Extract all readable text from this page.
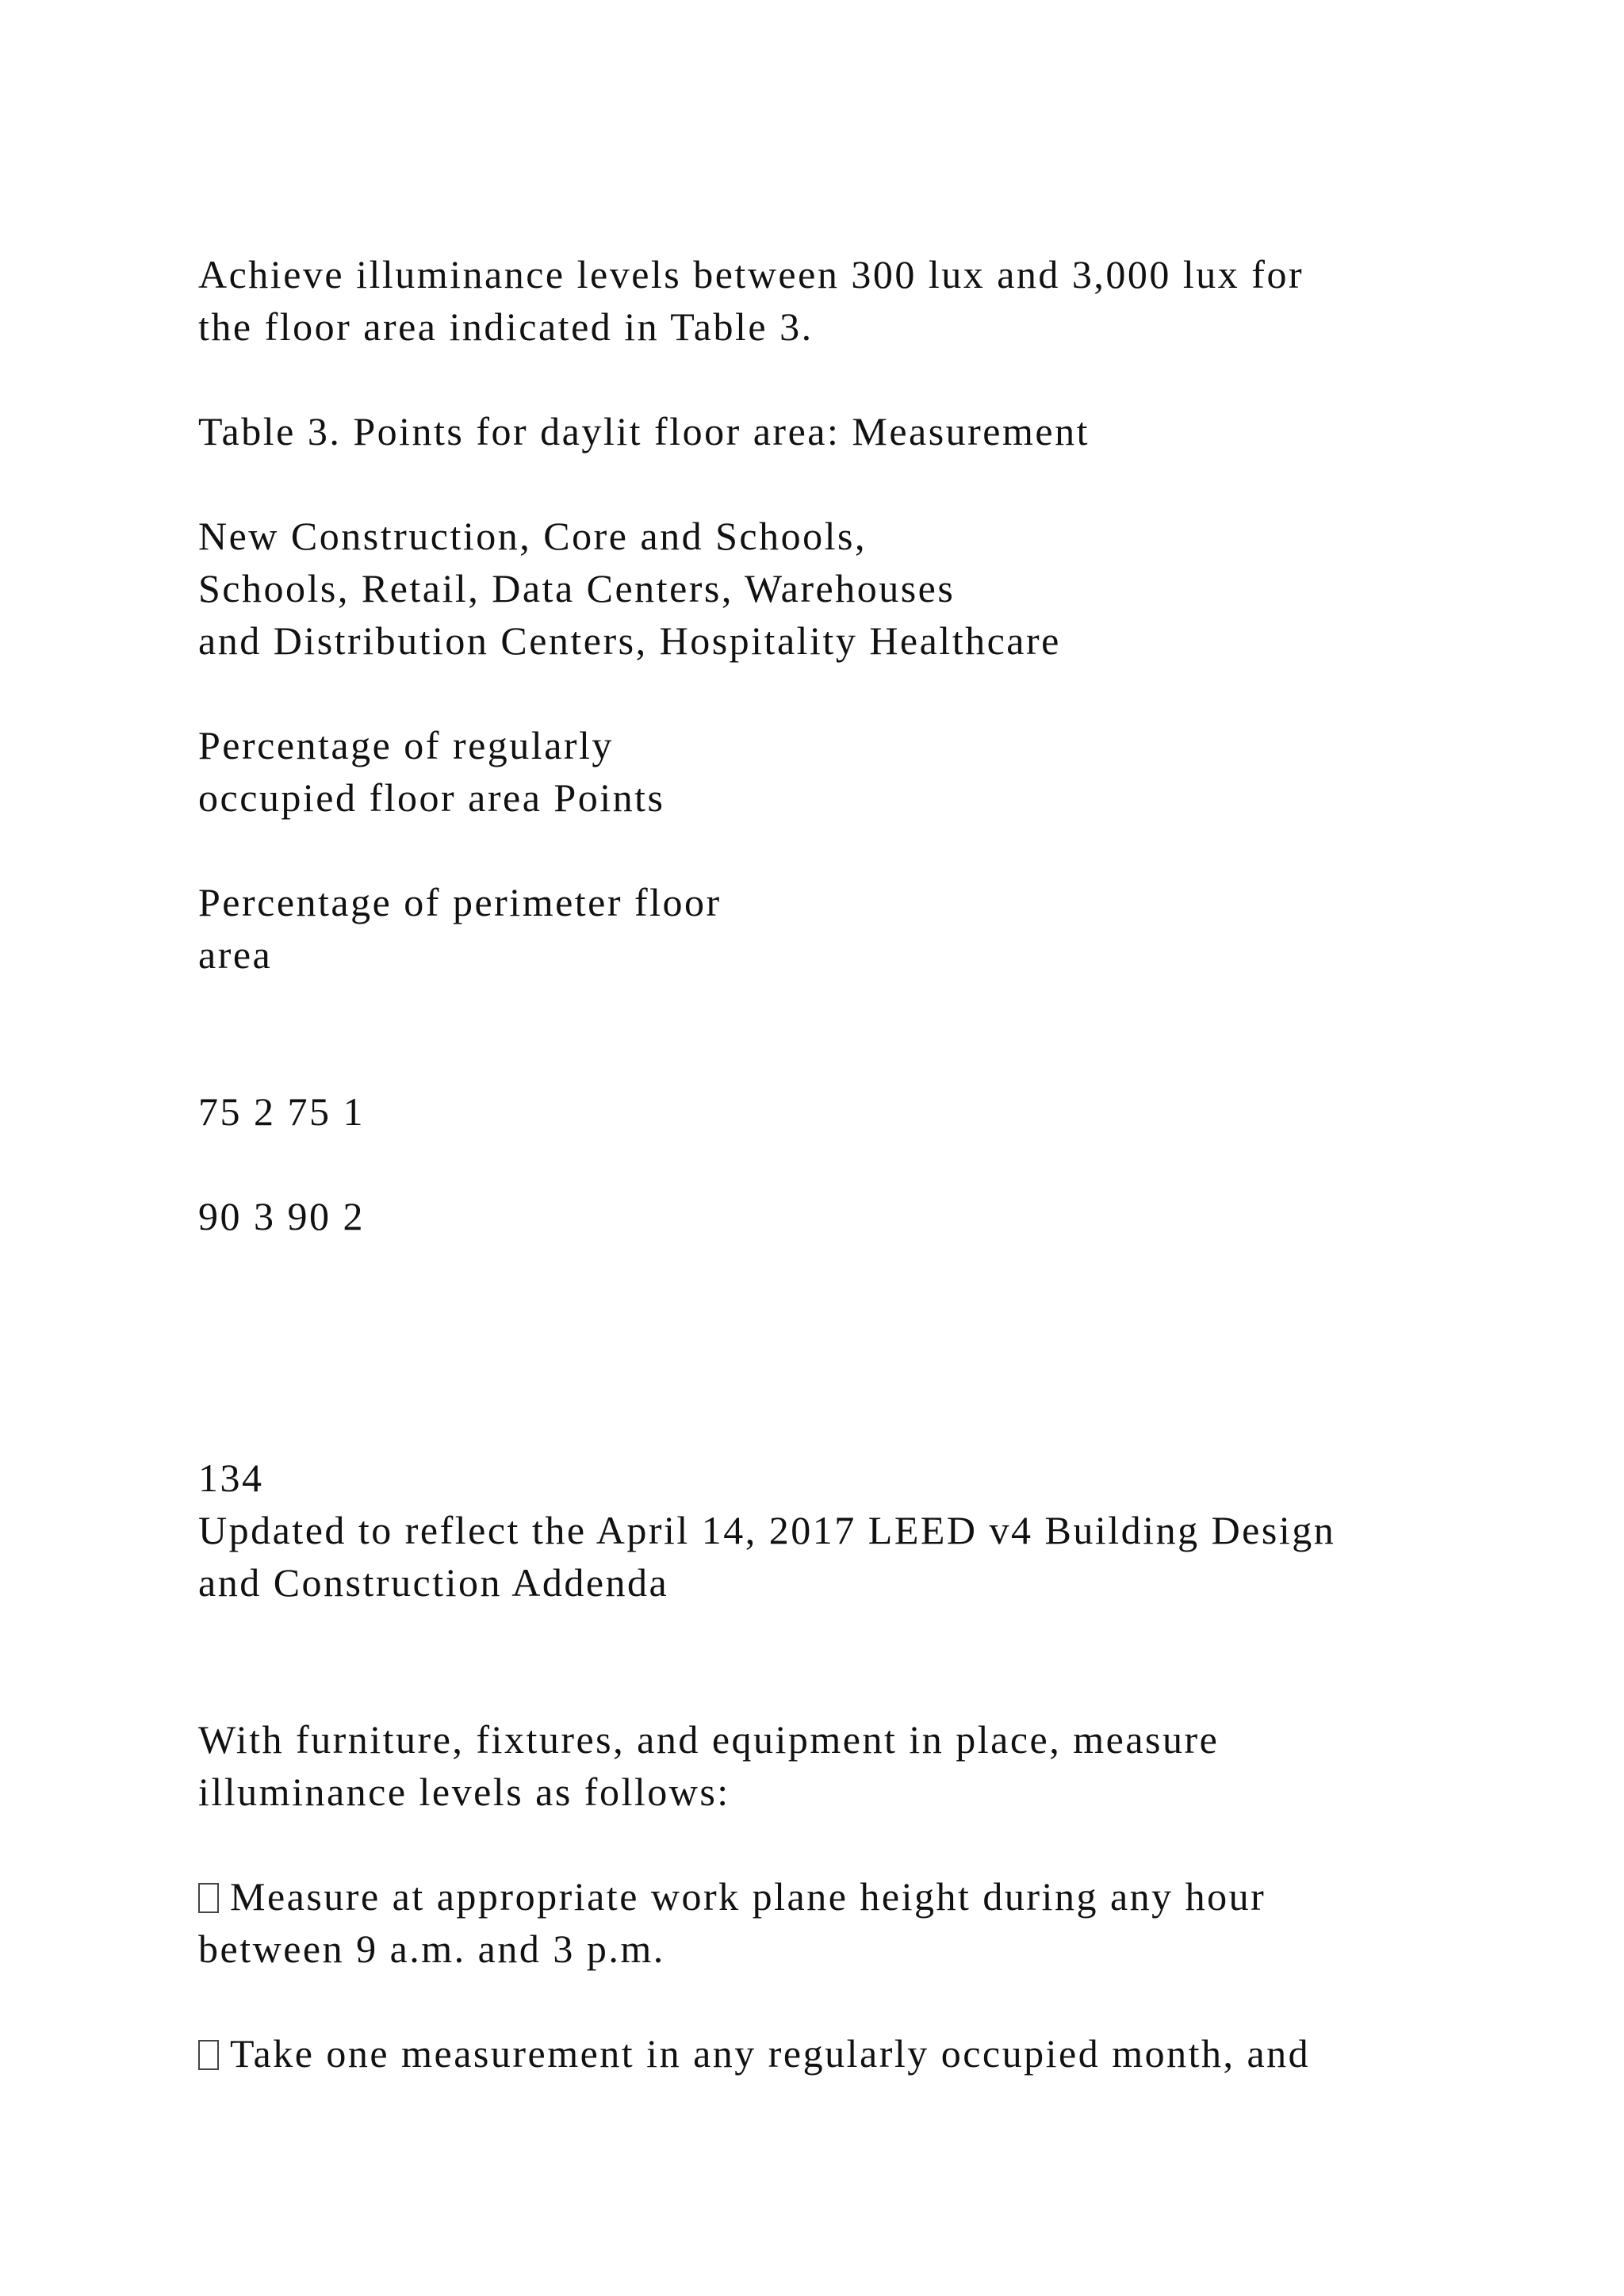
Achieve illuminance levels between 300 lux and 3,000 lux for

the floor area indicated in Table 3.

Table 3. Points for daylit floor area: Measurement

New Construction, Core and Schools,

Schools, Retail, Data Centers, Warehouses

and Distribution Centers, Hospitality Healthcare

Percentage of regularly

occupied floor area Points

Percentage of perimeter floor

area

75 2 75 1

90 3 90 2

134

Updated to reflect the April 14, 2017 LEED v4 Building Design

and Construction Addenda

With furniture, fixtures, and equipment in place, measure

illuminance levels as follows:

Measure at appropriate work plane height during any hour

between 9 a.m. and 3 p.m.

Take one measurement in any regularly occupied month, and
